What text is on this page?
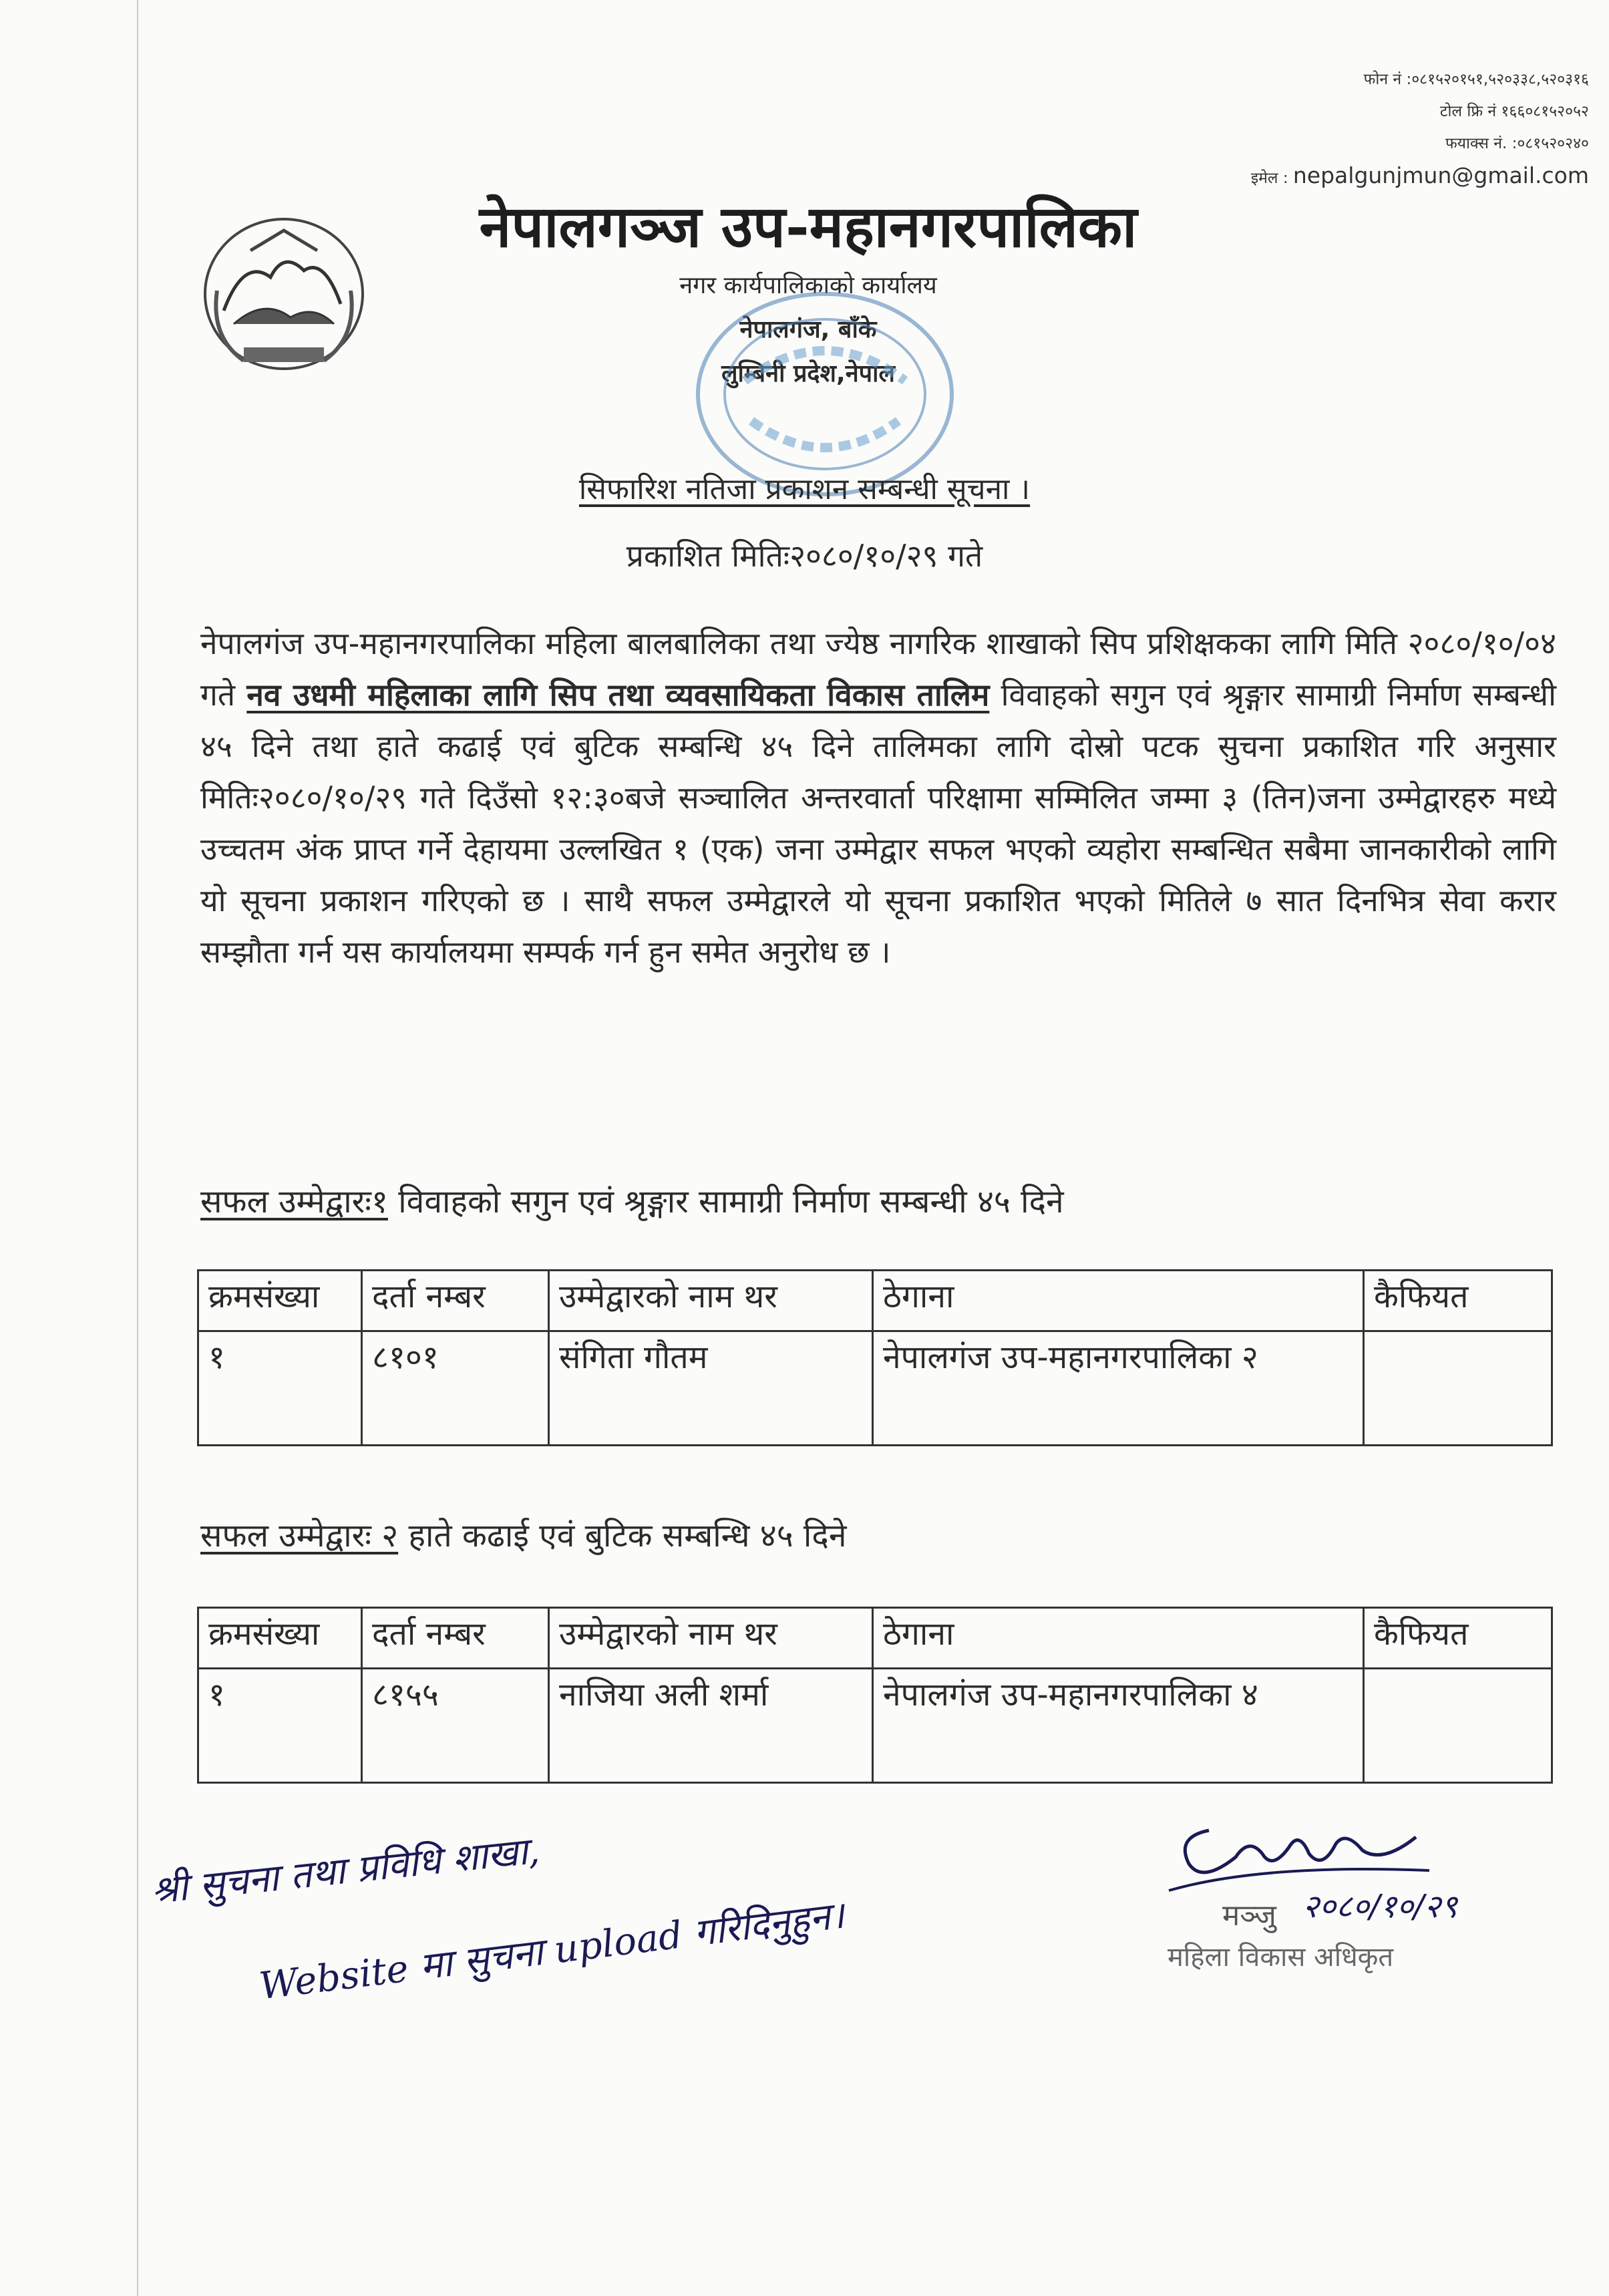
फोन नं :०८१५२०१५१,५२०३३८,५२०३१६
टोल फ्रि नं १६६०८१५२०५२
फयाक्स नं. :०८१५२०२४०
इमेल : nepalgunjmun@gmail.com
नेपालगञ्ज उप-महानगरपालिका

नगर कार्यपालिकाको कार्यालय

नेपालगंज, बाँके

लुम्बिनी प्रदेश,नेपाल

सिफारिश नतिजा प्रकाशन सम्बन्धी सूचना ।
प्रकाशित मितिः२०८०/१०/२९ गते
नेपालगंज उप-महानगरपालिका महिला बालबालिका तथा ज्येष्ठ नागरिक शाखाको सिप प्रशिक्षकका लागि मिति २०८०/१०/०४ गते नव उधमी महिलाका लागि सिप तथा व्यवसायिकता विकास तालिम विवाहको सगुन एवं श्रृङ्गार सामाग्री निर्माण सम्बन्धी ४५ दिने तथा हाते कढाई एवं बुटिक सम्बन्धि ४५ दिने तालिमका लागि दोस्रो पटक सुचना प्रकाशित गरि अनुसार मितिः२०८०/१०/२९ गते दिउँसो १२:३०बजे सञ्चालित अन्तरवार्ता परिक्षामा सम्मिलित जम्मा ३ (तिन)जना उम्मेद्वारहरु मध्ये उच्चतम अंक प्राप्त गर्ने देहायमा उल्लखित १ (एक) जना उम्मेद्वार सफल भएको व्यहोरा सम्बन्धित सबैमा जानकारीको लागि यो सूचना प्रकाशन गरिएको छ । साथै सफल उम्मेद्वारले यो सूचना प्रकाशित भएको मितिले ७ सात दिनभित्र सेवा करार सम्झौता गर्न यस कार्यालयमा सम्पर्क गर्न हुन समेत अनुरोध छ ।
सफल उम्मेद्वारः१ विवाहको सगुन एवं श्रृङ्गार सामाग्री निर्माण सम्बन्धी ४५ दिने
क्रमसंख्या	दर्ता नम्बर	उम्मेद्वारको नाम थर	ठेगाना	कैफियत
१	८१०१	संगिता गौतम	नेपालगंज उप-महानगरपालिका २	
सफल उम्मेद्वारः २ हाते कढाई एवं बुटिक सम्बन्धि ४५ दिने
क्रमसंख्या	दर्ता नम्बर	उम्मेद्वारको नाम थर	ठेगाना	कैफियत
१	८१५५	नाजिया अली शर्मा	नेपालगंज उप-महानगरपालिका ४	
श्री सुचना तथा प्रविधि शाखा,
Website मा सुचना upload गरिदिनुहुन।	मञ्जु २०८०/१०/२९
महिला विकास अधिकृत
